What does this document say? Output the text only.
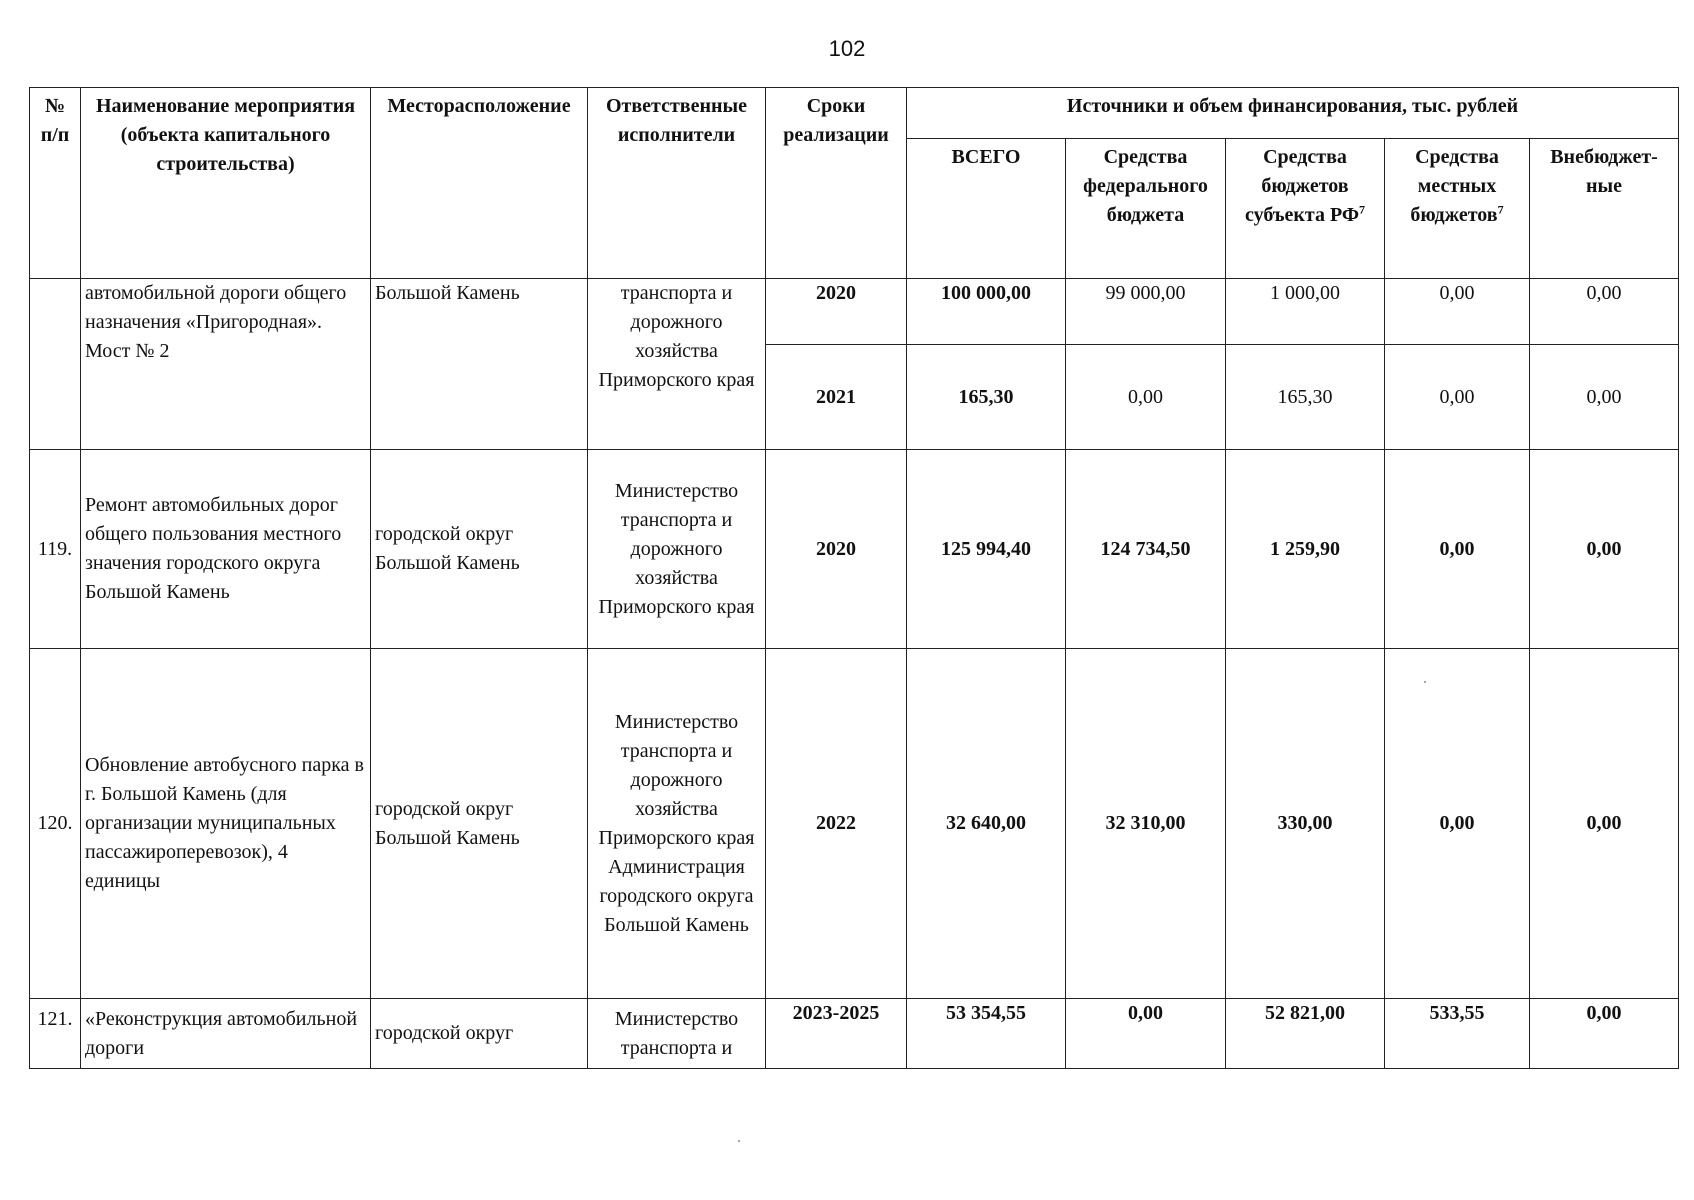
102
№ п/п	Наименование мероприятия (объекта капитального строительства)	Месторасположение	Ответственные исполнители	Сроки реализации	Источники и объем финансирования, тыс. рублей				
					ВСЕГО	Средства федерального бюджета	Средства бюджетов субъекта $РФ^7$	Средства местных бюджетов$^7$	Внебюджет-ные
	автомобильной дороги общего назначения «Пригородная». Мост № 2	Большой Камень	транспорта и дорожного хозяйства Приморского края	2020	100 000,00	99 000,00	1 000,00	0,00	0,00
				2021	165,30	0,00	165,30	0,00	0,00
119.	Ремонт автомобильных дорог общего пользования местного значения городского округа Большой Камень	городской округ Большой Камень	Министерство транспорта и дорожного хозяйства Приморского края	2020	125 994,40	124 734,50	1 259,90	0,00	0,00
120.	Обновление автобусного парка в г. Большой Камень (для организации муниципальных пассажироперевозок), 4 единицы	городской округ Большой Камень	Министерство транспорта и дорожного хозяйства Приморского края Администрация городского округа Большой Камень	2022	32 640,00	32 310,00	330,00	0,00	0,00
121.	«Реконструкция автомобильной дороги	городской округ	Министерство транспорта и	2023-2025	53 354,55	0,00	52 821,00	533,55	0,00
